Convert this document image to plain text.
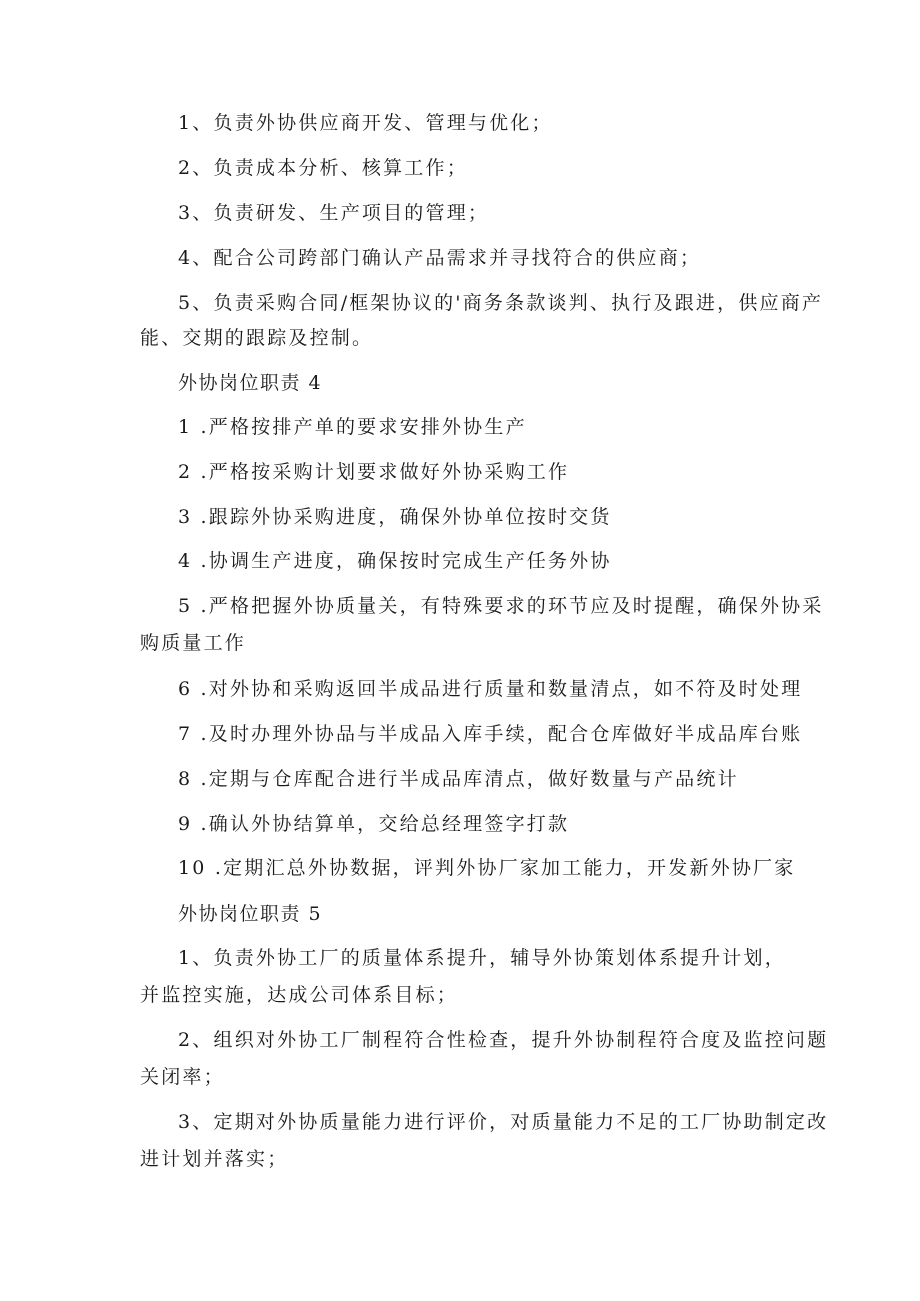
1、负责外协供应商开发、管理与优化；
2、负责成本分析、核算工作；
3、负责研发、生产项目的管理；
4、配合公司跨部门确认产品需求并寻找符合的供应商；
5、负责采购合同/框架协议的'商务条款谈判、执行及跟进，供应商产
能、交期的跟踪及控制。
外协岗位职责 4
1 .严格按排产单的要求安排外协生产
2 .严格按采购计划要求做好外协采购工作
3 .跟踪外协采购进度，确保外协单位按时交货
4 .协调生产进度，确保按时完成生产任务外协
5 .严格把握外协质量关，有特殊要求的环节应及时提醒，确保外协采
购质量工作
6 .对外协和采购返回半成品进行质量和数量清点，如不符及时处理
7 .及时办理外协品与半成品入库手续，配合仓库做好半成品库台账
8 .定期与仓库配合进行半成品库清点，做好数量与产品统计
9 .确认外协结算单，交给总经理签字打款
10 .定期汇总外协数据，评判外协厂家加工能力，开发新外协厂家
外协岗位职责 5
1、负责外协工厂的质量体系提升，辅导外协策划体系提升计划，
并监控实施，达成公司体系目标；
2、组织对外协工厂制程符合性检查，提升外协制程符合度及监控问题
关闭率；
3、定期对外协质量能力进行评价，对质量能力不足的工厂协助制定改
进计划并落实；
